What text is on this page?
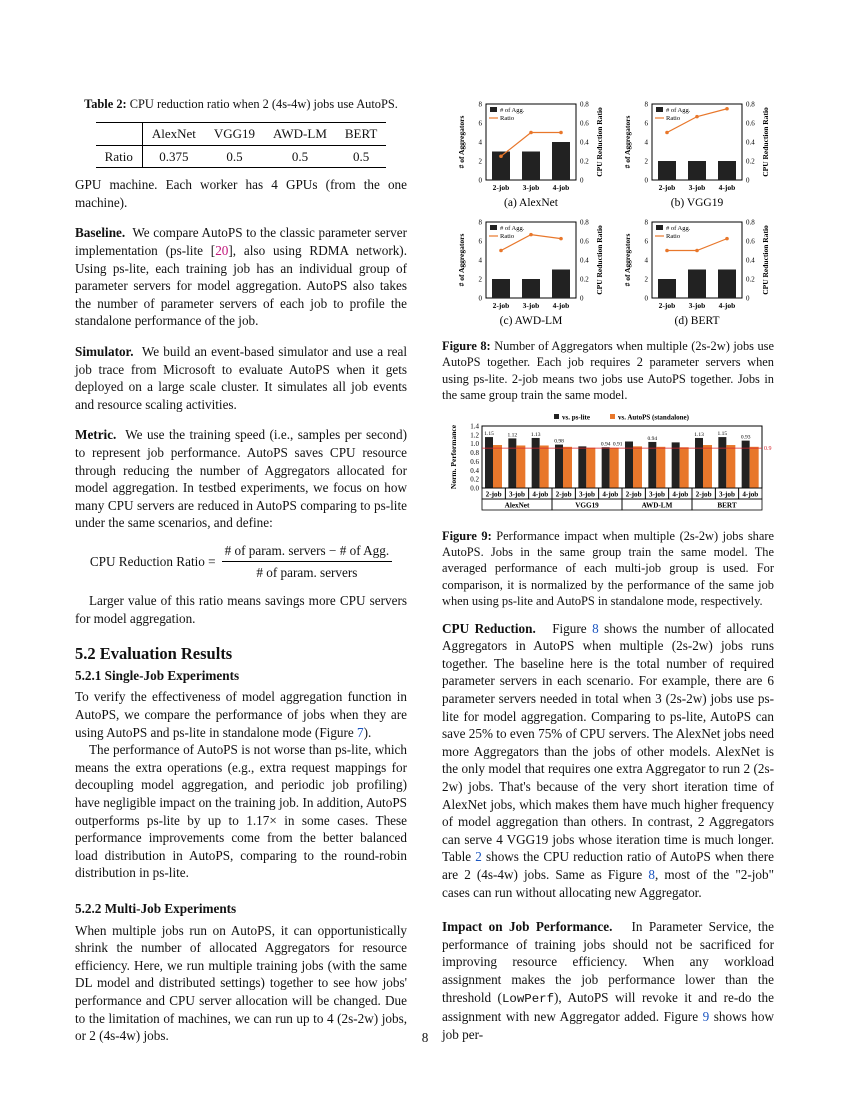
Table 2: CPU reduction ratio when 2 (4s-4w) jobs use AutoPS.
	AlexNet	VGG19	AWD-LM	BERT
Ratio	0.375	0.5	0.5	0.5

GPU machine. Each worker has 4 GPUs (from the one machine).

Baseline. We compare AutoPS to the classic parameter server implementation (ps-lite [20], also using RDMA network). Using ps-lite, each training job has an individual group of parameter servers for model aggregation. AutoPS also takes the number of parameter servers of each job to profile the standalone performance of the job.

Simulator. We build an event-based simulator and use a real job trace from Microsoft to evaluate AutoPS when it gets deployed on a large scale cluster. It simulates all job events and resource scaling activities.

Metric. We use the training speed (i.e., samples per second) to represent job performance. AutoPS saves CPU resource through reducing the number of Aggregators allocated for model aggregation. In testbed experiments, we focus on how many CPU servers are reduced in AutoPS comparing to ps-lite under the same scenarios, and define:

CPU Reduction Ratio = $\frac{\text{\# of param. servers − \# of Agg.}}{\text{\# of param. servers}}$

Larger value of this ratio means savings more CPU servers for model aggregation.

5.2 Evaluation Results
5.2.1 Single-Job Experiments

To verify the effectiveness of model aggregation function in AutoPS, we compare the performance of jobs when they are using AutoPS and ps-lite in standalone mode (Figure 7).

The performance of AutoPS is not worse than ps-lite, which means the extra operations (e.g., extra request mappings for decoupling model aggregation, and periodic job profiling) have negligible impact on the training job. In addition, AutoPS outperforms ps-lite by up to 1.17× in some cases. These performance improvements come from the better balanced load distribution in AutoPS, comparing to the round-robin distribution in ps-lite.

5.2.2 Multi-Job Experiments

When multiple jobs run on AutoPS, it can opportunistically shrink the number of allocated Aggregators for resource efficiency. Here, we run multiple training jobs (with the same DL model and distributed settings) together to see how jobs' performance and CPU server allocation will be changed. Due to the limitation of machines, we can run up to 4 (2s-2w) jobs, or 2 (4s-4w) jobs.

0	0
2	0.2
4	0.4
6	0.6
8	0.8
# of Aggregators	CPU Reduction Ratio
2-job 3-job 4-job
# of Agg.
Ratio
(a) AlexNet
0	0
2	0.2
4	0.4
6	0.6
8	0.8
# of Aggregators	CPU Reduction Ratio
2-job 3-job 4-job
# of Agg.
Ratio
(b) VGG19
0	0
2	0.2
4	0.4
6	0.6
8	0.8
# of Aggregators	CPU Reduction Ratio
2-job 3-job 4-job
# of Agg.
Ratio
(c) AWD-LM
0	0
2	0.2
4	0.4
6	0.6
8	0.8
# of Aggregators	CPU Reduction Ratio
2-job 3-job 4-job
# of Agg.
Ratio
(d) BERT
Figure 8: Number of Aggregators when multiple (2s-2w) jobs use AutoPS together. Each job requires 2 parameter servers when using ps-lite. 2-job means two jobs use AutoPS together. Jobs in the same group train the same model.
0.0
0.2
0.4
0.6
0.8
1.0
1.2
1.4
Norm. Performance
vs. ps-lite	vs. AutoPS (standalone)
1.15
2-job
1.12
3-job
1.13
4-job
0.98
2-job 3-job
0.94 0.91
4-job 2-job
0.94
3-job 4-job
1.13
2-job
1.15
3-job
0.93
4-job
0.9
AlexNet	VGG19	AWD-LM	BERT
Figure 9: Performance impact when multiple (2s-2w) jobs share AutoPS. Jobs in the same group train the same model. The averaged performance of each multi-job group is used. For comparison, it is normalized by the performance of the same job when using ps-lite and AutoPS in standalone mode, respectively.

CPU Reduction. Figure 8 shows the number of allocated Aggregators in AutoPS when multiple (2s-2w) jobs runs together. The baseline here is the total number of required parameter servers in each scenario. For example, there are 6 parameter servers needed in total when 3 (2s-2w) jobs use ps-lite for model aggregation. Comparing to ps-lite, AutoPS can save 25% to even 75% of CPU servers. The AlexNet jobs need more Aggregators than the jobs of other models. AlexNet is the only model that requires one extra Aggregator to run 2 (2s-2w) jobs. That's because of the very short iteration time of AlexNet jobs, which makes them have much higher frequency of model aggregation than others. In contrast, 2 Aggregators can serve 4 VGG19 jobs whose iteration time is much longer. Table 2 shows the CPU reduction ratio of AutoPS when there are 2 (4s-4w) jobs. Same as Figure 8, most of the "2-job" cases can run without allocating new Aggregator.

Impact on Job Performance. In Parameter Service, the performance of training jobs should not be sacrificed for improving resource efficiency. When any workload assignment makes the job performance lower than the threshold (LowPerf), AutoPS will revoke it and re-do the assignment with new Aggregator added. Figure 9 shows how job per-

8
